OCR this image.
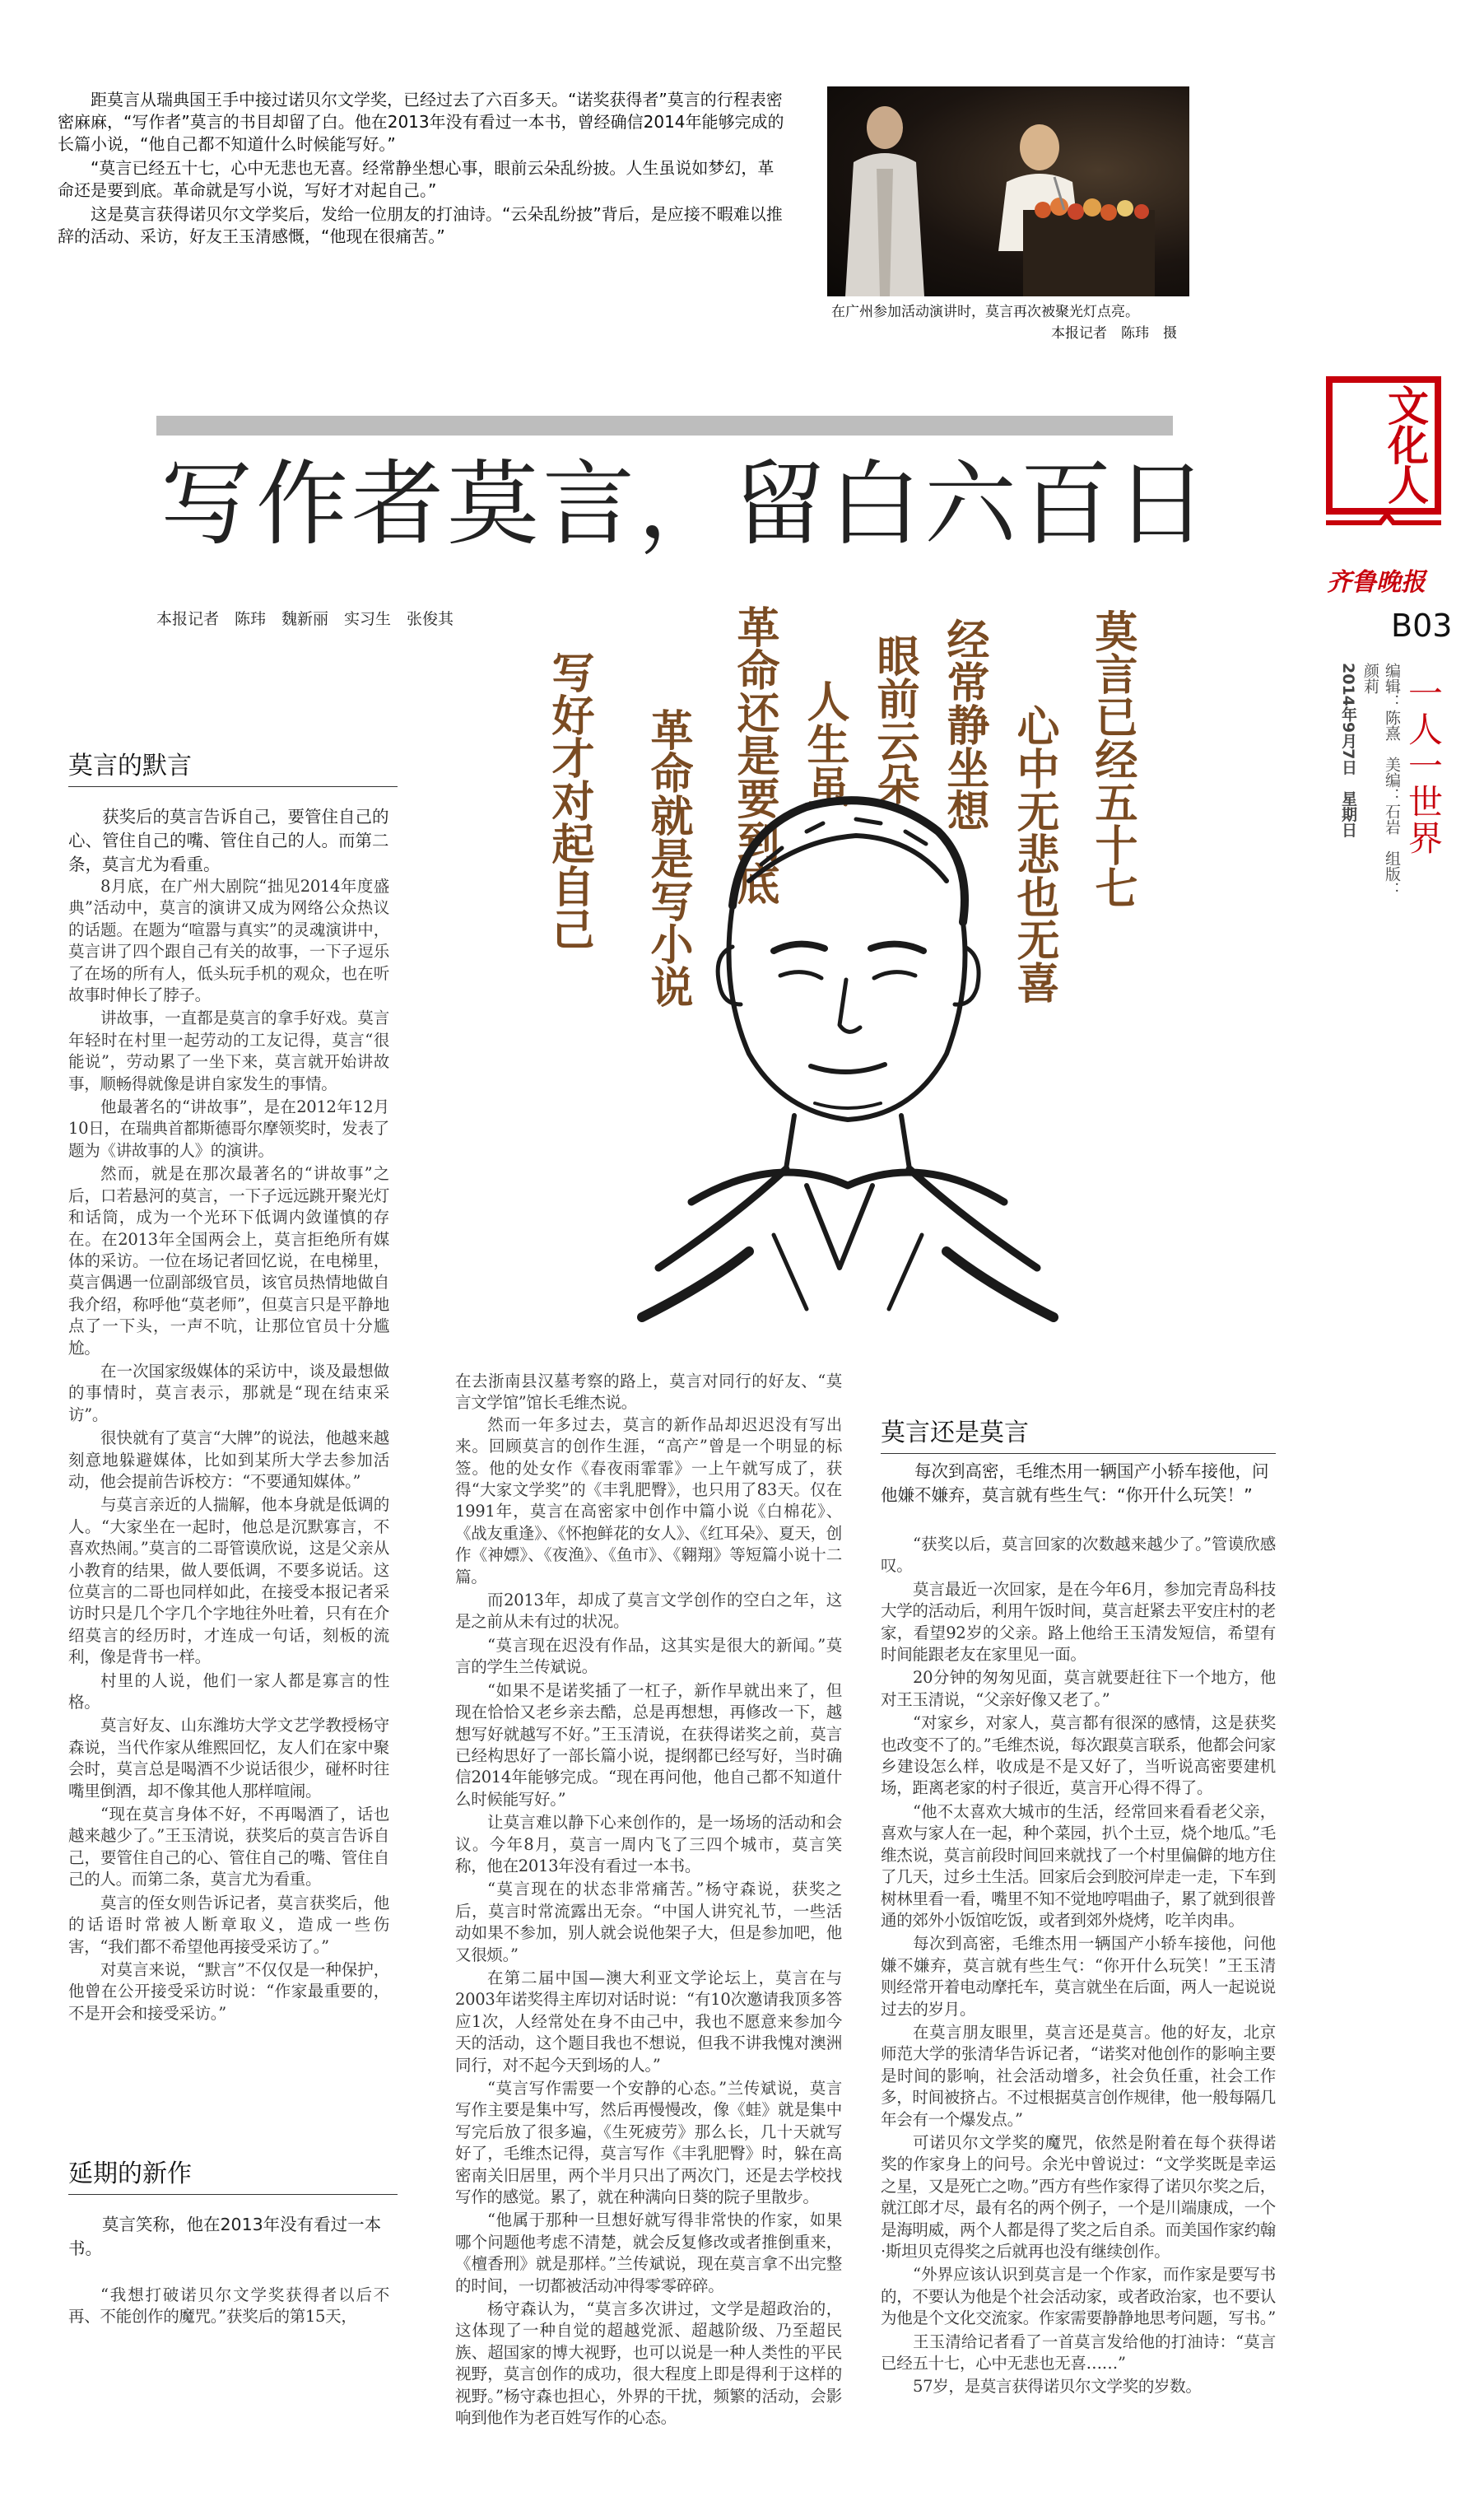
距莫言从瑞典国王手中接过诺贝尔文学奖，已经过去了六百多天。“诺奖获得者”莫言的行程表密密麻麻，“写作者”莫言的书目却留了白。他在2013年没有看过一本书，曾经确信2014年能够完成的长篇小说，“他自己都不知道什么时候能写好。”

“莫言已经五十七，心中无悲也无喜。经常静坐想心事，眼前云朵乱纷披。人生虽说如梦幻，革命还是要到底。革命就是写小说，写好才对起自己。”

这是莫言获得诺贝尔文学奖后，发给一位朋友的打油诗。“云朵乱纷披”背后，是应接不暇难以推辞的活动、采访，好友王玉清感慨，“他现在很痛苦。”

在广州参加活动演讲时，莫言再次被聚光灯点亮。
本报记者　陈玮　摄
文化人
齐鲁晚报
B03
编辑：陈熹　美编：石岩　组版：颜莉
2014年9月7日　星期日 一人一世界
写作者莫言，留白六百日
本报记者　陈玮　魏新丽　实习生　张俊其	莫言已经五十七
心中无悲也无喜
经常静坐想
眼前云朵
人生虽
革命还是要到底
革命就是写小说
写好才对起自己
莫言的默言
获奖后的莫言告诉自己，要管住自己的心、管住自己的嘴、管住自己的人。而第二条，莫言尤为看重。

8月底，在广州大剧院“拙见2014年度盛典”活动中，莫言的演讲又成为网络公众热议的话题。在题为“喧嚣与真实”的灵魂演讲中，莫言讲了四个跟自己有关的故事，一下子逗乐了在场的所有人，低头玩手机的观众，也在听故事时伸长了脖子。

讲故事，一直都是莫言的拿手好戏。莫言年轻时在村里一起劳动的工友记得，莫言“很能说”，劳动累了一坐下来，莫言就开始讲故事，顺畅得就像是讲自家发生的事情。

他最著名的“讲故事”，是在2012年12月10日，在瑞典首都斯德哥尔摩领奖时，发表了题为《讲故事的人》的演讲。

然而，就是在那次最著名的“讲故事”之后，口若悬河的莫言，一下子远远跳开聚光灯和话筒，成为一个光环下低调内敛谨慎的存在。在2013年全国两会上，莫言拒绝所有媒体的采访。一位在场记者回忆说，在电梯里，莫言偶遇一位副部级官员，该官员热情地做自我介绍，称呼他“莫老师”，但莫言只是平静地点了一下头，一声不吭，让那位官员十分尴尬。

在一次国家级媒体的采访中，谈及最想做的事情时，莫言表示，那就是“现在结束采访”。

很快就有了莫言“大牌”的说法，他越来越刻意地躲避媒体，比如到某所大学去参加活动，他会提前告诉校方：“不要通知媒体。”

与莫言亲近的人揣解，他本身就是低调的人。“大家坐在一起时，他总是沉默寡言，不喜欢热闹。”莫言的二哥管谟欣说，这是父亲从小教育的结果，做人要低调，不要多说话。这位莫言的二哥也同样如此，在接受本报记者采访时只是几个字几个字地往外吐着，只有在介绍莫言的经历时，才连成一句话，刻板的流利，像是背书一样。

村里的人说，他们一家人都是寡言的性格。

莫言好友、山东潍坊大学文艺学教授杨守森说，当代作家从维熙回忆，友人们在家中聚会时，莫言总是喝酒不少说话很少，碰杯时往嘴里倒酒，却不像其他人那样喧闹。

“现在莫言身体不好，不再喝酒了，话也越来越少了。”王玉清说，获奖后的莫言告诉自己，要管住自己的心、管住自己的嘴、管住自己的人。而第二条，莫言尤为看重。

莫言的侄女则告诉记者，莫言获奖后，他的话语时常被人断章取义，造成一些伤害，“我们都不希望他再接受采访了。”

对莫言来说，“默言”不仅仅是一种保护，他曾在公开接受采访时说：“作家最重要的，不是开会和接受采访。”

延期的新作
莫言笑称，他在2013年没有看过一本书。

“我想打破诺贝尔文学奖获得者以后不再、不能创作的魔咒。”获奖后的第15天，

在去浙南县汉墓考察的路上，莫言对同行的好友、“莫言文学馆”馆长毛维杰说。

然而一年多过去，莫言的新作品却迟迟没有写出来。回顾莫言的创作生涯，“高产”曾是一个明显的标签。他的处女作《春夜雨霏霏》一上午就写成了，获得“大家文学奖”的《丰乳肥臀》，也只用了83天。仅在1991年，莫言在高密家中创作中篇小说《白棉花》、《战友重逢》、《怀抱鲜花的女人》、《红耳朵》、夏天，创作《神嫖》、《夜渔》、《鱼市》、《翱翔》等短篇小说十二篇。

而2013年，却成了莫言文学创作的空白之年，这是之前从未有过的状况。

“莫言现在迟没有作品，这其实是很大的新闻。”莫言的学生兰传斌说。

“如果不是诺奖插了一杠子，新作早就出来了，但现在恰恰又老乡亲去酷，总是再想想，再修改一下，越想写好就越写不好。”王玉清说，在获得诺奖之前，莫言已经构思好了一部长篇小说，提纲都已经写好，当时确信2014年能够完成。“现在再问他，他自己都不知道什么时候能写好。”

让莫言难以静下心来创作的，是一场场的活动和会议。今年8月，莫言一周内飞了三四个城市，莫言笑称，他在2013年没有看过一本书。

“莫言现在的状态非常痛苦。”杨守森说，获奖之后，莫言时常流露出无奈。“中国人讲究礼节，一些活动如果不参加，别人就会说他架子大，但是参加吧，他又很烦。”

在第二届中国—澳大利亚文学论坛上，莫言在与2003年诺奖得主库切对话时说：“有10次邀请我顶多答应1次，人经常处在身不由己中，我也不愿意来参加今天的活动，这个题目我也不想说，但我不讲我愧对澳洲同行，对不起今天到场的人。”

“莫言写作需要一个安静的心态。”兰传斌说，莫言写作主要是集中写，然后再慢慢改，像《蛙》就是集中写完后放了很多遍，《生死疲劳》那么长，几十天就写好了，毛维杰记得，莫言写作《丰乳肥臀》时，躲在高密南关旧居里，两个半月只出了两次门，还是去学校找写作的感觉。累了，就在种满向日葵的院子里散步。

“他属于那种一旦想好就写得非常快的作家，如果哪个问题他考虑不清楚，就会反复修改或者推倒重来，《檀香刑》就是那样。”兰传斌说，现在莫言拿不出完整的时间，一切都被活动冲得零零碎碎。

杨守森认为，“莫言多次讲过，文学是超政治的，这体现了一种自觉的超越党派、超越阶级、乃至超民族、超国家的博大视野，也可以说是一种人类性的平民视野，莫言创作的成功，很大程度上即是得利于这样的视野。”杨守森也担心，外界的干扰，频繁的活动，会影响到他作为老百姓写作的心态。

莫言还是莫言
每次到高密，毛维杰用一辆国产小轿车接他，问他嫌不嫌弃，莫言就有些生气：“你开什么玩笑！”

“获奖以后，莫言回家的次数越来越少了。”管谟欣感叹。

莫言最近一次回家，是在今年6月，参加完青岛科技大学的活动后，利用午饭时间，莫言赶紧去平安庄村的老家，看望92岁的父亲。路上他给王玉清发短信，希望有时间能跟老友在家里见一面。

20分钟的匆匆见面，莫言就要赶往下一个地方，他对王玉清说，“父亲好像又老了。”

“对家乡，对家人，莫言都有很深的感情，这是获奖也改变不了的。”毛维杰说，每次跟莫言联系，他都会问家乡建设怎么样，收成是不是又好了，当听说高密要建机场，距离老家的村子很近，莫言开心得不得了。

“他不太喜欢大城市的生活，经常回来看看老父亲，喜欢与家人在一起，种个菜园，扒个土豆，烧个地瓜。”毛维杰说，莫言前段时间回来就找了一个村里偏僻的地方住了几天，过乡土生活。回家后会到胶河岸走一走，下车到树林里看一看，嘴里不知不觉地哼唱曲子，累了就到很普通的郊外小饭馆吃饭，或者到郊外烧烤，吃羊肉串。

每次到高密，毛维杰用一辆国产小轿车接他，问他嫌不嫌弃，莫言就有些生气：“你开什么玩笑！”王玉清则经常开着电动摩托车，莫言就坐在后面，两人一起说说过去的岁月。

在莫言朋友眼里，莫言还是莫言。他的好友，北京师范大学的张清华告诉记者，“诺奖对他创作的影响主要是时间的影响，社会活动增多，社会负任重，社会工作多，时间被挤占。不过根据莫言创作规律，他一般每隔几年会有一个爆发点。”

可诺贝尔文学奖的魔咒，依然是附着在每个获得诺奖的作家身上的问号。余光中曾说过：“文学奖既是幸运之星，又是死亡之吻。”西方有些作家得了诺贝尔奖之后，就江郎才尽，最有名的两个例子，一个是川端康成，一个是海明威，两个人都是得了奖之后自杀。而美国作家约翰·斯坦贝克得奖之后就再也没有继续创作。

“外界应该认识到莫言是一个作家，而作家是要写书的，不要认为他是个社会活动家，或者政治家，也不要认为他是个文化交流家。作家需要静静地思考问题，写书。”

王玉清给记者看了一首莫言发给他的打油诗：“莫言已经五十七，心中无悲也无喜……”

57岁，是莫言获得诺贝尔文学奖的岁数。
